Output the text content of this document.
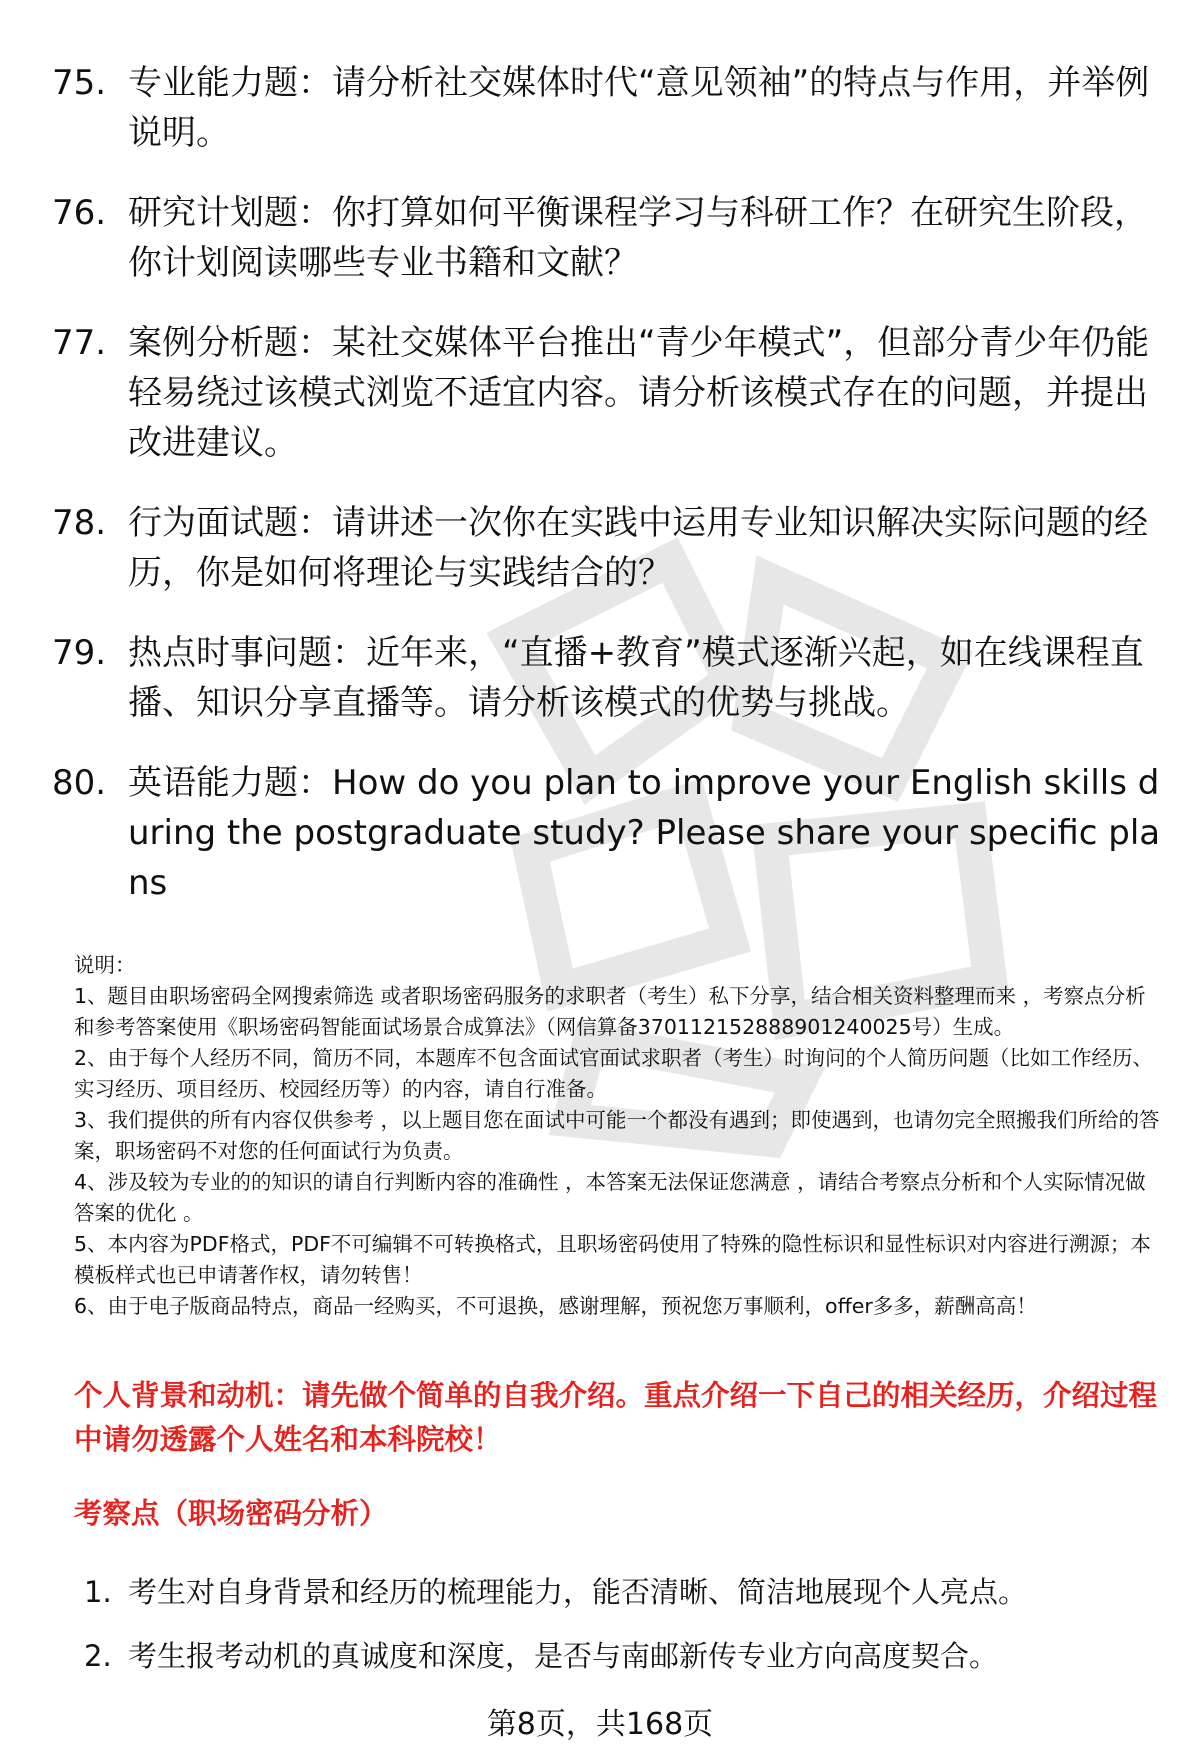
75. 专业能力题：请分析社交媒体时代“意见领袖”的特点与作用，并举例说明。
76. 研究计划题：你打算如何平衡课程学习与科研工作？在研究生阶段，你计划阅读哪些专业书籍和文献？
77. 案例分析题：某社交媒体平台推出“青少年模式”，但部分青少年仍能轻易绕过该模式浏览不适宜内容。请分析该模式存在的问题，并提出改进建议。
78. 行为面试题：请讲述一次你在实践中运用专业知识解决实际问题的经历，你是如何将理论与实践结合的？
79. 热点时事问题：近年来，“直播+教育”模式逐渐兴起，如在线课程直播、知识分享直播等。请分析该模式的优势与挑战。
80. 英语能力题：How do you plan to improve your English skills during the postgraduate study? Please share your specific plans

说明：

1、题目由职场密码全网搜索筛选 或者职场密码服务的求职者（考生）私下分享，结合相关资料整理而来 ，考察点分析和参考答案使用《职场密码智能面试场景合成算法》（网信算备370112152888901240025号）生成。

2、由于每个人经历不同，简历不同，本题库不包含面试官面试求职者（考生）时询问的个人简历问题（比如工作经历、实习经历、项目经历、校园经历等）的内容，请自行准备。

3、我们提供的所有内容仅供参考 ，以上题目您在面试中可能一个都没有遇到；即使遇到，也请勿完全照搬我们所给的答案，职场密码不对您的任何面试行为负责。

4、涉及较为专业的的知识的请自行判断内容的准确性 ，本答案无法保证您满意 ，请结合考察点分析和个人实际情况做答案的优化 。

5、本内容为PDF格式，PDF不可编辑不可转换格式，且职场密码使用了特殊的隐性标识和显性标识对内容进行溯源；本模板样式也已申请著作权，请勿转售！

6、由于电子版商品特点，商品一经购买，不可退换，感谢理解，预祝您万事顺利，offer多多，薪酬高高！

个人背景和动机：请先做个简单的自我介绍。重点介绍一下自己的相关经历，介绍过程中请勿透露个人姓名和本科院校！
考察点（职场密码分析）
1. 考生对自身背景和经历的梳理能力，能否清晰、简洁地展现个人亮点。
2. 考生报考动机的真诚度和深度，是否与南邮新传专业方向高度契合。
第8页，共168页
